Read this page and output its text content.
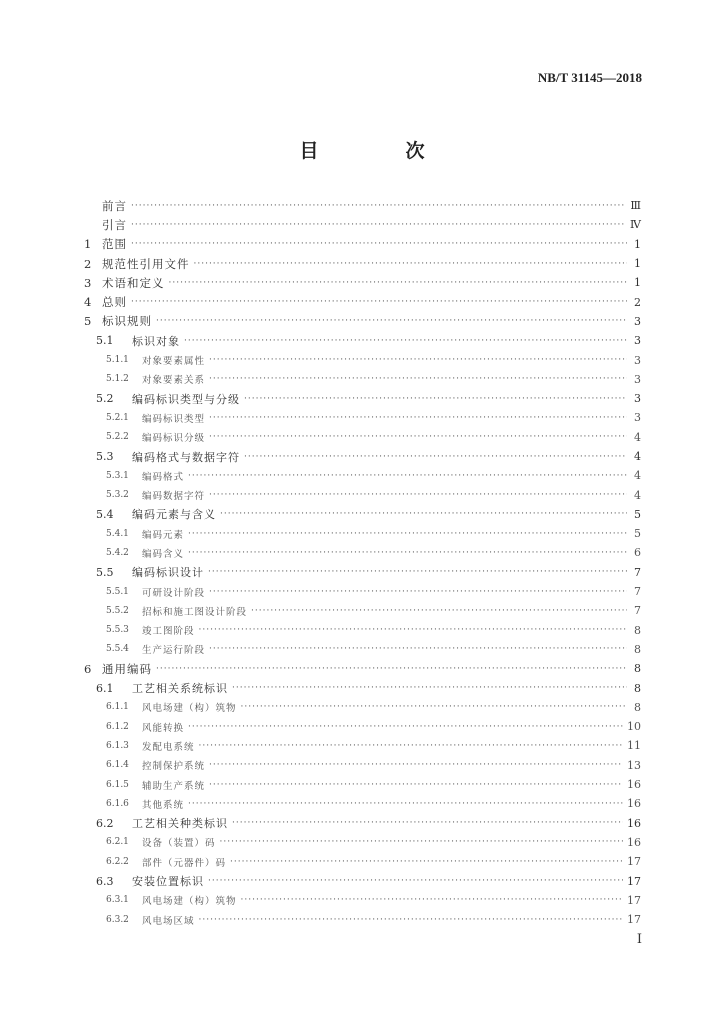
NB/T 31145—2018
目　次
前言 ·····	Ⅲ
引言 ·····	Ⅳ
1 范围 ·····	1
2 规范性引用文件 ·····	1
3 术语和定义 ·····	1
4 总则 ·····	2
5 标识规则 ·····	3
5.1	标识对象 ·····	3
5.1.1	对象要素属性 ·····	3
5.1.2	对象要素关系 ·····	3
5.2	编码标识类型与分级 ·····	3
5.2.1	编码标识类型 ·····	3
5.2.2	编码标识分级 ·····	4
5.3	编码格式与数据字符 ·····	4
5.3.1	编码格式 ·····	4
5.3.2	编码数据字符 ·····	4
5.4	编码元素与含义 ·····	5
5.4.1	编码元素 ·····	5
5.4.2	编码含义 ·····	6
5.5	编码标识设计 ·····	7
5.5.1	可研设计阶段 ·····	7
5.5.2	招标和施工图设计阶段 ·····	7
5.5.3	竣工图阶段 ·····	8
5.5.4	生产运行阶段 ·····	8
6 通用编码 ·····	8
6.1	工艺相关系统标识 ·····	8
6.1.1	风电场建（构）筑物 ·····	8
6.1.2	风能转换 ·····	10
6.1.3	发配电系统 ·····	11
6.1.4	控制保护系统 ·····	13
6.1.5	辅助生产系统 ·····	16
6.1.6	其他系统 ·····	16
6.2	工艺相关种类标识 ·····	16
6.2.1	设备（装置）码 ·····	16
6.2.2	部件（元器件）码 ·····	17
6.3	安装位置标识 ·····	17
6.3.1	风电场建（构）筑物 ·····	17
6.3.2	风电场区域 ·····	17
I
